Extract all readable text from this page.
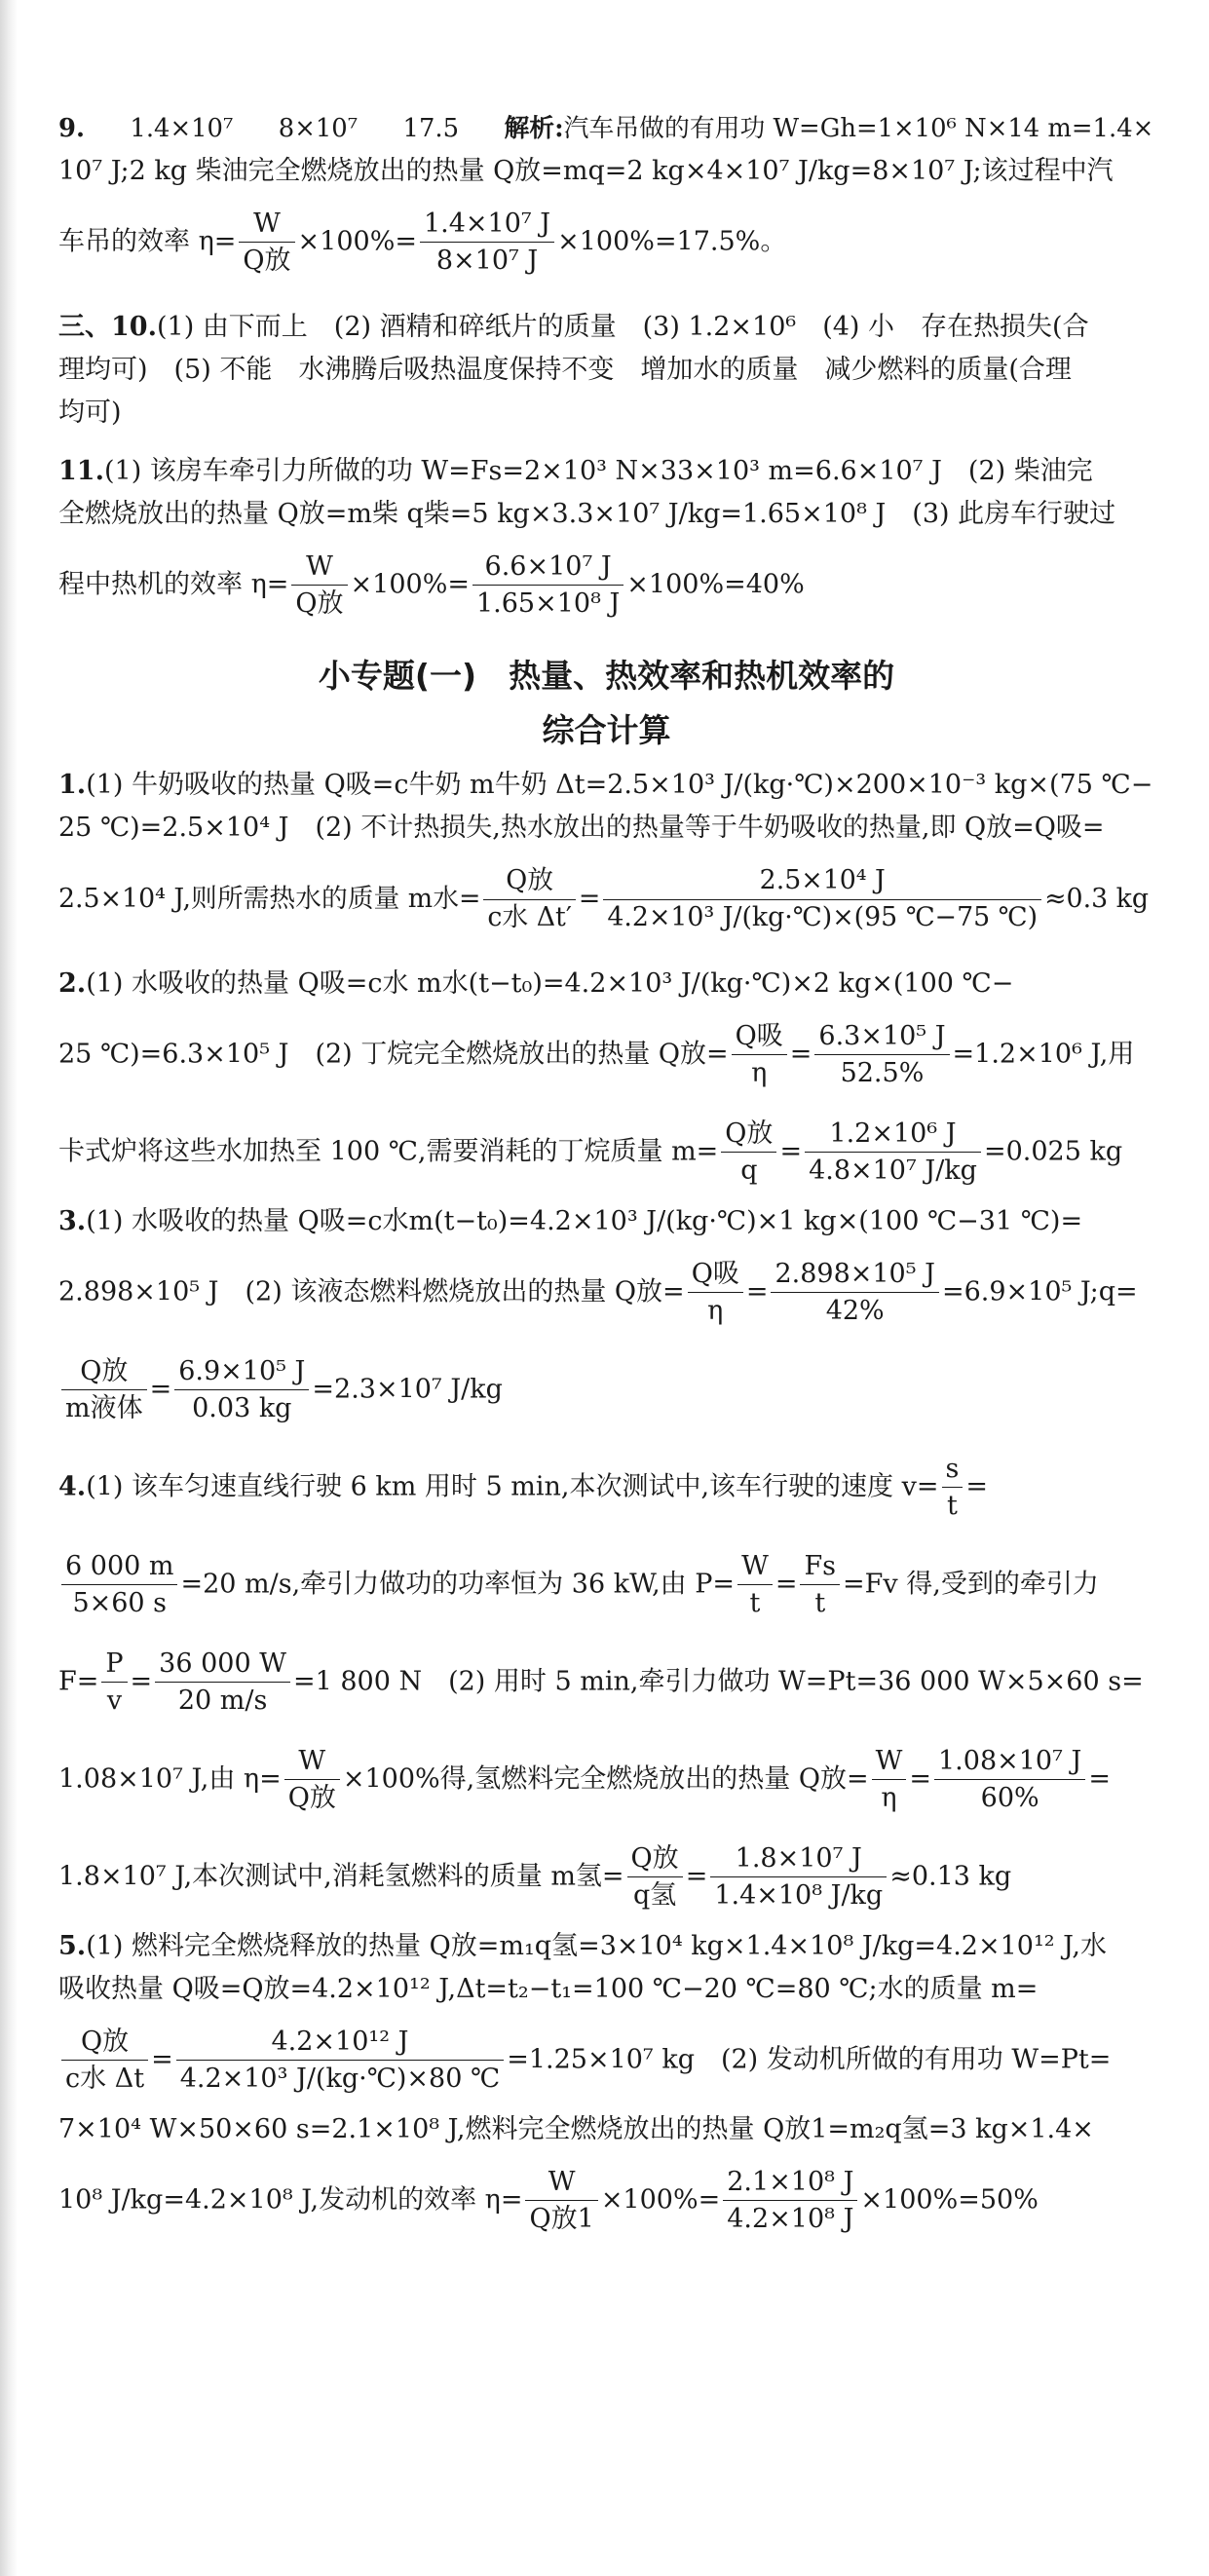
9. 1.4×10⁷ 8×10⁷ 17.5 解析:汽车吊做的有用功 W=Gh=1×10⁶ N×14 m=1.4×
10⁷ J;2 kg 柴油完全燃烧放出的热量 Q放=mq=2 kg×4×10⁷ J/kg=8×10⁷ J;该过程中汽
车吊的效率 $\eta= \frac{W}{\text{Q放}} \times 100\%= \frac{\text{1.4×10⁷ J}}{\text{8×10⁷ J}} \times 100\%=17.5\%$。
三、10.(1) 由下而上　(2) 酒精和碎纸片的质量　(3) 1.2×10⁶　(4) 小　存在热损失(合
理均可)　(5) 不能　水沸腾后吸热温度保持不变　增加水的质量　减少燃料的质量(合理
均可)
11.(1) 该房车牵引力所做的功 W=Fs=2×10³ N×33×10³ m=6.6×10⁷ J　(2) 柴油完
全燃烧放出的热量 Q放=m柴 q柴=5 kg×3.3×10⁷ J/kg=1.65×10⁸ J　(3) 此房车行驶过
程中热机的效率 $\eta= \frac{W}{\text{Q放}} \times 100\%= \frac{\text{6.6×10⁷ J}}{\text{1.65×10⁸ J}} \times 100\%=40\%$
小专题(一)　热量、热效率和热机效率的
综合计算
1.(1) 牛奶吸收的热量 Q吸=c牛奶 m牛奶 Δt=2.5×10³ J/(kg·℃)×200×10⁻³ kg×(75 ℃−
25 ℃)=2.5×10⁴ J　(2) 不计热损失,热水放出的热量等于牛奶吸收的热量,即 Q放=Q吸=
2.5×10⁴ J,则所需热水的质量 m水= $\frac{\text{Q放}}{\text{c水 Δt′}} = \frac{\text{2.5×10⁴ J}}{\text{4.2×10³ J/(kg·℃)×(95 ℃−75 ℃)}} \approx 0.3$ kg
2.(1) 水吸收的热量 Q吸=c水 m水(t−t₀)=4.2×10³ J/(kg·℃)×2 kg×(100 ℃−
25 ℃)=6.3×10⁵ J　(2) 丁烷完全燃烧放出的热量 Q放= $\frac{\text{Q吸}}{\eta} = \frac{\text{6.3×10⁵ J}}{52.5\%} =1.2\times 10^6$ J,用
卡式炉将这些水加热至 100 ℃,需要消耗的丁烷质量 $m= \frac{\text{Q放}}{q} = \frac{\text{1.2×10⁶ J}}{\text{4.8×10⁷ J/kg}} =0.025$ kg
3.(1) 水吸收的热量 Q吸=c水m(t−t₀)=4.2×10³ J/(kg·℃)×1 kg×(100 ℃−31 ℃)=
2.898×10⁵ J　(2) 该液态燃料燃烧放出的热量 Q放= $\frac{\text{Q吸}}{\eta} = \frac{\text{2.898×10⁵ J}}{42\%} =6.9\times 10^5$ J;q=
$\frac{\text{Q放}}{\text{m液体}} = \frac{\text{6.9×10⁵ J}}{0.03 kg} =2.3\times 10^7$ J/kg
4.(1) 该车匀速直线行驶 6 km 用时 5 min,本次测试中,该车行驶的速度 $v= \frac{s}{t}$ =
$\frac{6 000 m}{5\times 60 s} =20$ m/s,牵引力做功的功率恒为 36 kW,由 $P= \frac{W}{t} = \frac{Fs}{t} =Fv$ 得,受到的牵引力
$F= \frac{P}{v} = \frac{36 000 W}{20 m/s} =1$ 800 N　(2) 用时 5 min,牵引力做功 W=Pt=36 000 W×5×60 s=
1.08×10⁷ J,由 $\eta= \frac{W}{\text{Q放}} \times 100\%$得,氢燃料完全燃烧放出的热量 Q放= $\frac{W}{\eta} = \frac{\text{1.08×10⁷ J}}{60\%}$ =
1.8×10⁷ J,本次测试中,消耗氢燃料的质量 m氢= $\frac{\text{Q放}}{\text{q氢}} = \frac{\text{1.8×10⁷ J}}{\text{1.4×10⁸ J/kg}} \approx 0.13$ kg
5.(1) 燃料完全燃烧释放的热量 Q放=m₁q氢=3×10⁴ kg×1.4×10⁸ J/kg=4.2×10¹² J,水
吸收热量 Q吸=Q放=4.2×10¹² J,Δt=t₂−t₁=100 ℃−20 ℃=80 ℃;水的质量 m=
$\frac{\text{Q放}}{\text{c水 Δt}} = \frac{\text{4.2×10¹² J}}{\text{4.2×10³ J/(kg·℃)×80 ℃}} =1.25\times 10^7$ kg　(2) 发动机所做的有用功 W=Pt=
7×10⁴ W×50×60 s=2.1×10⁸ J,燃料完全燃烧放出的热量 Q放1=m₂q氢=3 kg×1.4×
10⁸ J/kg=4.2×10⁸ J,发动机的效率 $\eta= \frac{W}{\text{Q放1}} \times 100\%= \frac{\text{2.1×10⁸ J}}{\text{4.2×10⁸ J}} \times 100\%=50\%$
